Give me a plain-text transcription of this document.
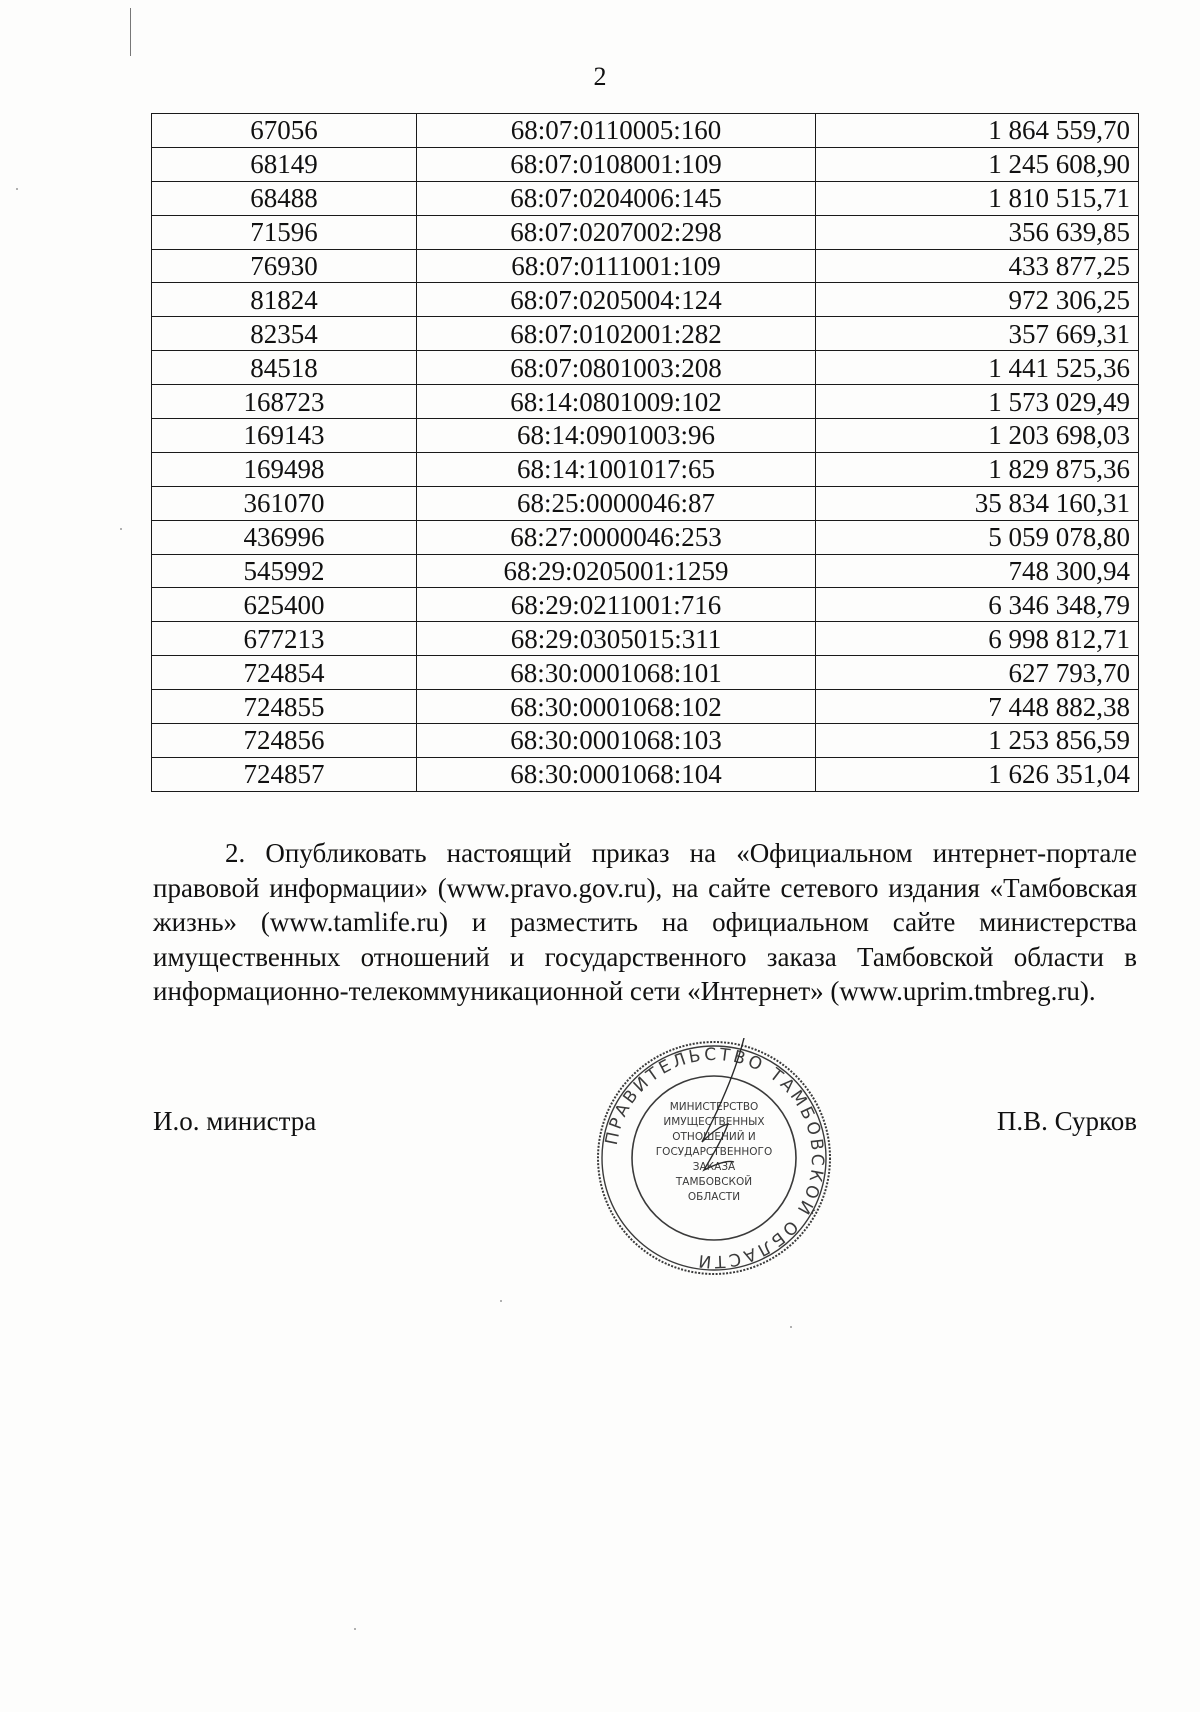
2
67056	68:07:0110005:160	1 864 559,70
68149	68:07:0108001:109	1 245 608,90
68488	68:07:0204006:145	1 810 515,71
71596	68:07:0207002:298	356 639,85
76930	68:07:0111001:109	433 877,25
81824	68:07:0205004:124	972 306,25
82354	68:07:0102001:282	357 669,31
84518	68:07:0801003:208	1 441 525,36
168723	68:14:0801009:102	1 573 029,49
169143	68:14:0901003:96	1 203 698,03
169498	68:14:1001017:65	1 829 875,36
361070	68:25:0000046:87	35 834 160,31
436996	68:27:0000046:253	5 059 078,80
545992	68:29:0205001:1259	748 300,94
625400	68:29:0211001:716	6 346 348,79
677213	68:29:0305015:311	6 998 812,71
724854	68:30:0001068:101	627 793,70
724855	68:30:0001068:102	7 448 882,38
724856	68:30:0001068:103	1 253 856,59
724857	68:30:0001068:104	1 626 351,04
2. Опубликовать настоящий приказ на «Официальном интернет-портале правовой информации» (www.pravo.gov.ru), на сайте сетевого издания «Тамбовская жизнь» (www.tamlife.ru) и разместить на официальном сайте министерства имущественных отношений и государственного заказа Тамбовской области в информационно-телекоммуникационной сети «Интернет» (www.uprim.tmbreg.ru).
И.о. министра	П.В. Сурков
ПРАВИТЕЛЬСТВО ТАМБОВСКОЙ ОБЛАСТИ
МИНИСТЕРСТВО
ИМУЩЕСТВЕННЫХ
ОТНОШЕНИЙ И
ГОСУДАРСТВЕННОГО
ЗАКАЗА
ТАМБОВСКОЙ
ОБЛАСТИ
